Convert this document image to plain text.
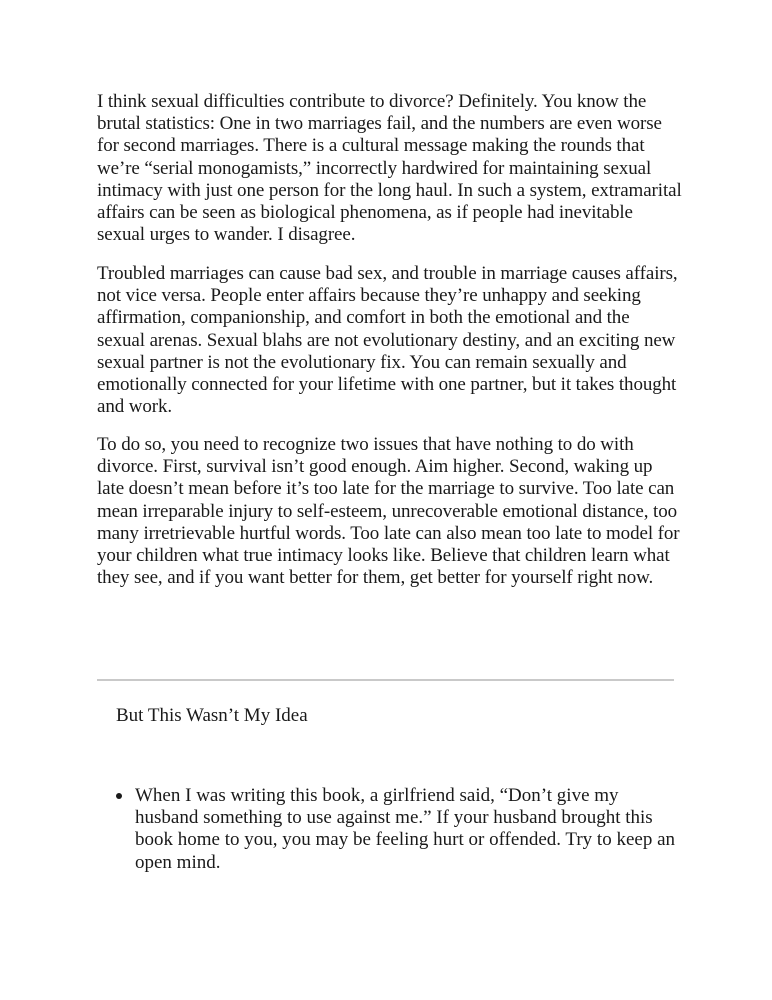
I think sexual difficulties contribute to divorce? Definitely. You know the brutal statistics: One in two marriages fail, and the numbers are even worse for second marriages. There is a cultural message making the rounds that we’re “serial monogamists,” incorrectly hardwired for maintaining sexual intimacy with just one person for the long haul. In such a system, extramarital affairs can be seen as biological phenomena, as if people had inevitable sexual urges to wander. I disagree.

Troubled marriages can cause bad sex, and trouble in marriage causes affairs, not vice versa. People enter affairs because they’re unhappy and seeking affirmation, companionship, and comfort in both the emotional and the sexual arenas. Sexual blahs are not evolutionary destiny, and an exciting new sexual partner is not the evolutionary fix. You can remain sexually and emotionally connected for your lifetime with one partner, but it takes thought and work.

To do so, you need to recognize two issues that have nothing to do with divorce. First, survival isn’t good enough. Aim higher. Second, waking up late doesn’t mean before it’s too late for the marriage to survive. Too late can mean irreparable injury to self-esteem, unrecoverable emotional distance, too many irretrievable hurtful words. Too late can also mean too late to model for your children what true intimacy looks like. Believe that children learn what they see, and if you want better for them, get better for yourself right now.

But This Wasn’t My Idea
When I was writing this book, a girlfriend said, “Don’t give my husband something to use against me.” If your husband brought this book home to you, you may be feeling hurt or offended. Try to keep an open mind.
